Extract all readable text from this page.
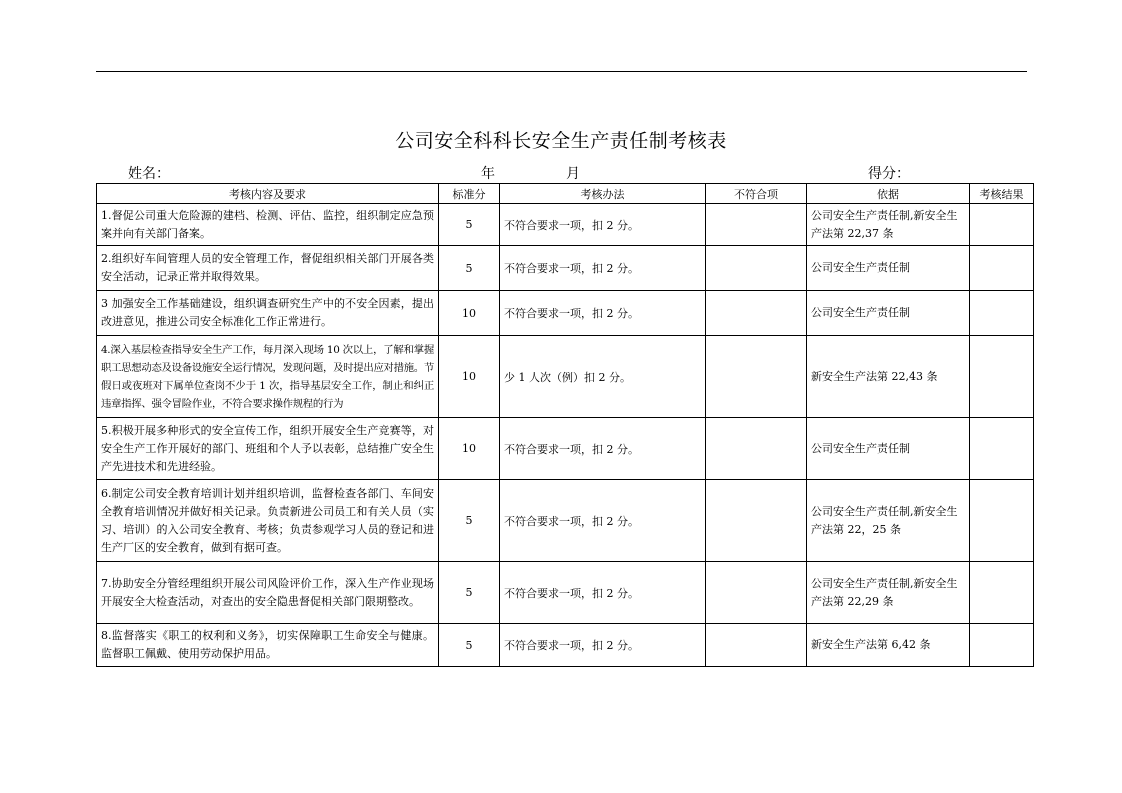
公司安全科科长安全生产责任制考核表
姓名：	年	月	得分：
考核内容及要求	标准分	考核办法	不符合项	依据	考核结果
1.督促公司重大危险源的建档、检测、评估、监控，组织制定应急预案并向有关部门备案。	5	不符合要求一项，扣 2 分。		公司安全生产责任制,新安全生产法第 22,37 条	
2.组织好车间管理人员的安全管理工作，督促组织相关部门开展各类安全活动，记录正常并取得效果。	5	不符合要求一项，扣 2 分。		公司安全生产责任制	
3 加强安全工作基础建设，组织调查研究生产中的不安全因素，提出改进意见，推进公司安全标准化工作正常进行。	10	不符合要求一项，扣 2 分。		公司安全生产责任制	
4.深入基层检查指导安全生产工作，每月深入现场 10 次以上，了解和掌握职工思想动态及设备设施安全运行情况，发现问题，及时提出应对措施。节假日或夜班对下属单位查岗不少于 1 次，指导基层安全工作，制止和纠正违章指挥、强令冒险作业，不符合要求操作规程的行为	10	少 1 人次（例）扣 2 分。		新安全生产法第 22,43 条	
5.积极开展多种形式的安全宣传工作，组织开展安全生产竞赛等，对安全生产工作开展好的部门、班组和个人予以表彰，总结推广安全生产先进技术和先进经验。	10	不符合要求一项，扣 2 分。		公司安全生产责任制	
6.制定公司安全教育培训计划并组织培训，监督检查各部门、车间安全教育培训情况并做好相关记录。负责新进公司员工和有关人员（实习、培训）的入公司安全教育、考核；负责参观学习人员的登记和进生产厂区的安全教育，做到有据可查。	5	不符合要求一项，扣 2 分。		公司安全生产责任制,新安全生产法第 22，25 条	
7.协助安全分管经理组织开展公司风险评价工作，深入生产作业现场开展安全大检查活动，对查出的安全隐患督促相关部门限期整改。	5	不符合要求一项，扣 2 分。		公司安全生产责任制,新安全生产法第 22,29 条	
8.监督落实《职工的权利和义务》，切实保障职工生命安全与健康。监督职工佩戴、使用劳动保护用品。	5	不符合要求一项，扣 2 分。		新安全生产法第 6,42 条	
